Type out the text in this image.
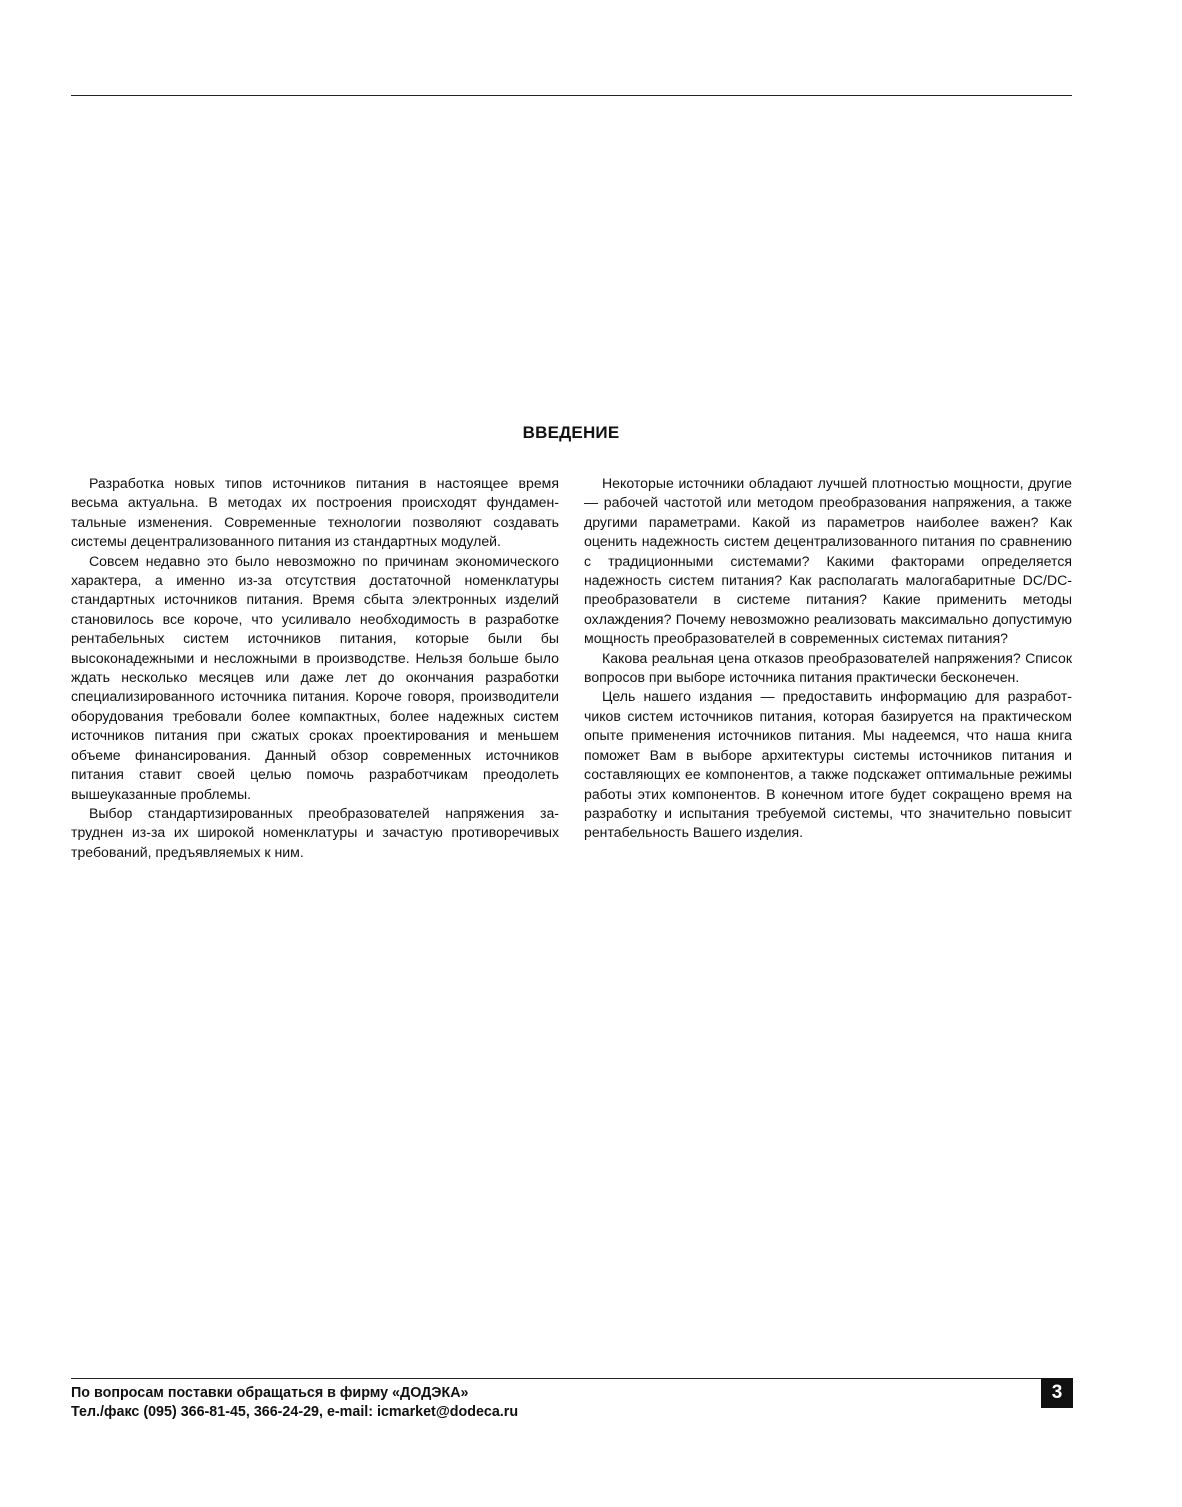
ВВЕДЕНИЕ

Разработка новых типов источников питания в настоящее время весьма актуальна. В методах их построения происходят фундаментальные изменения. Современные технологии позволяют создавать системы децентрализованного питания из стандартных модулей.

Совсем недавно это было невозможно по причинам экономического характера, а именно из-за отсутствия достаточной номенклатуры стандартных источников питания. Время сбыта электронных изделий становилось все короче, что усиливало необходимость в разработке рентабельных систем источников питания, которые были бы высоконадежными и несложными в производстве. Нельзя больше было ждать несколько месяцев или даже лет до окончания разработки специализированного источника питания. Короче говоря, производители оборудования требовали более компактных, более надежных систем источников питания при сжатых сроках проектирования и меньшем объеме финансирования. Данный обзор современных источников питания ставит своей целью помочь разработчикам преодолеть вышеуказанные проблемы.

Выбор стандартизированных преобразователей напряжения затруднен из-за их широкой номенклатуры и зачастую противоречивых требований, предъявляемых к ним.

Некоторые источники обладают лучшей плотностью мощности, другие — рабочей частотой или методом преобразования напряжения, а также другими параметрами. Какой из параметров наиболее важен? Как оценить надежность систем децентрализованного питания по сравнению с традиционными системами? Какими факторами определяется надежность систем питания? Как располагать малогабаритные DC/DC-преобразователи в системе питания? Какие применить методы охлаждения? Почему невозможно реализовать максимально допустимую мощность преобразователей в современных системах питания?

Какова реальная цена отказов преобразователей напряжения? Список вопросов при выборе источника питания практически бесконечен.

Цель нашего издания — предоставить информацию для разработчиков систем источников питания, которая базируется на практическом опыте применения источников питания. Мы надеемся, что наша книга поможет Вам в выборе архитектуры системы источников питания и составляющих ее компонентов, а также подскажет оптимальные режимы работы этих компонентов. В конечном итоге будет сокращено время на разработку и испытания требуемой системы, что значительно повысит рентабельность Вашего изделия.

По вопросам поставки обращаться в фирму «ДОДЭКА»
Тел./факс (095) 366-81-45, 366-24-29, e-mail: icmarket@dodeca.ru
3
